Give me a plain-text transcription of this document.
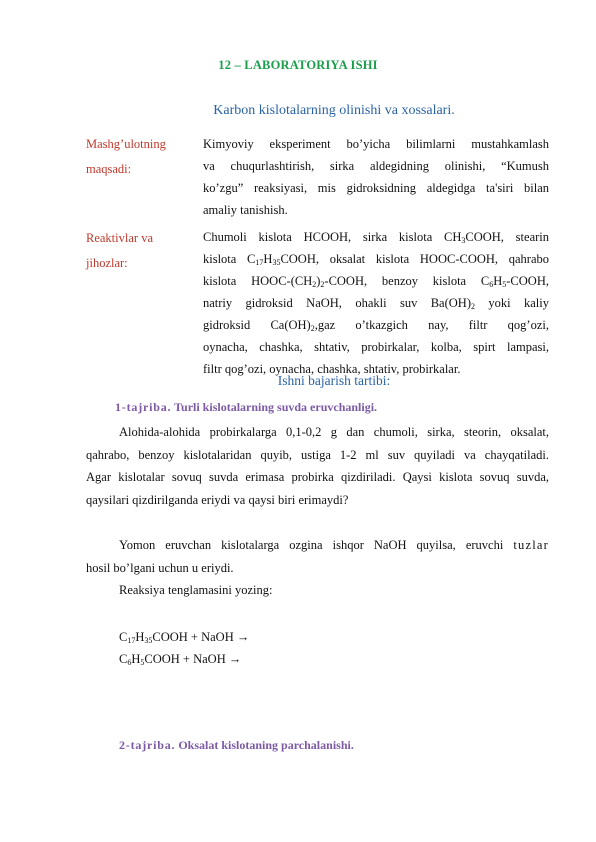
12 – LABORATORIYA ISHI
Karbon kislotalarning olinishi va xossalari.
Mashg’ulotning
maqsadi:
Kimyoviy eksperiment bo’yicha bilimlarni mustahkamlash
va chuqurlashtirish, sirka aldegidning olinishi, “Kumush
ko’zgu” reaksiyasi, mis gidroksidning aldegidga ta'siri bilan
amaliy tanishish.
Reaktivlar va
jihozlar:
Chumoli kislota HCOOH, sirka kislota $CH_3COOH$, stearin
kislota $C_{17}H_{35}COOH$, oksalat kislota HOOC-COOH, qahrabo
kislota HOOC-$(CH_2)_2$-COOH, benzoy kislota $C_6H_5$-COOH,
natriy gidroksid NaOH, ohakli suv $Ba(OH)_2$ yoki kaliy
gidroksid $Ca(OH)_2,gaz$ o’tkazgich nay, filtr qog’ozi,
oynacha, chashka, shtativ, probirkalar, kolba, spirt lampasi,
filtr qog’ozi, oynacha, chashka, shtativ, probirkalar.
Ishni bajarish tartibi:
1-tajriba. Turli kislotalarning suvda eruvchanligi.
Alohida-alohida probirkalarga 0,1-0,2 g dan chumoli, sirka, steorin, oksalat,
qahrabo, benzoy kislotalaridan quyib, ustiga 1-2 ml suv quyiladi va chayqatiladi.
Agar kislotalar sovuq suvda erimasa probirka qizdiriladi. Qaysi kislota sovuq suvda,
qaysilari qizdirilganda eriydi va qaysi biri erimaydi?
Yomon eruvchan kislotalarga ozgina ishqor NaOH quyilsa, eruvchi tuzlar
hosil bo’lgani uchun u eriydi.
Reaksiya tenglamasini yozing:
$C_{17}H_{35}COOH$ + NaOH →
$C_6H_5COOH$ + NaOH →
2-tajriba. Oksalat kislotaning parchalanishi.
